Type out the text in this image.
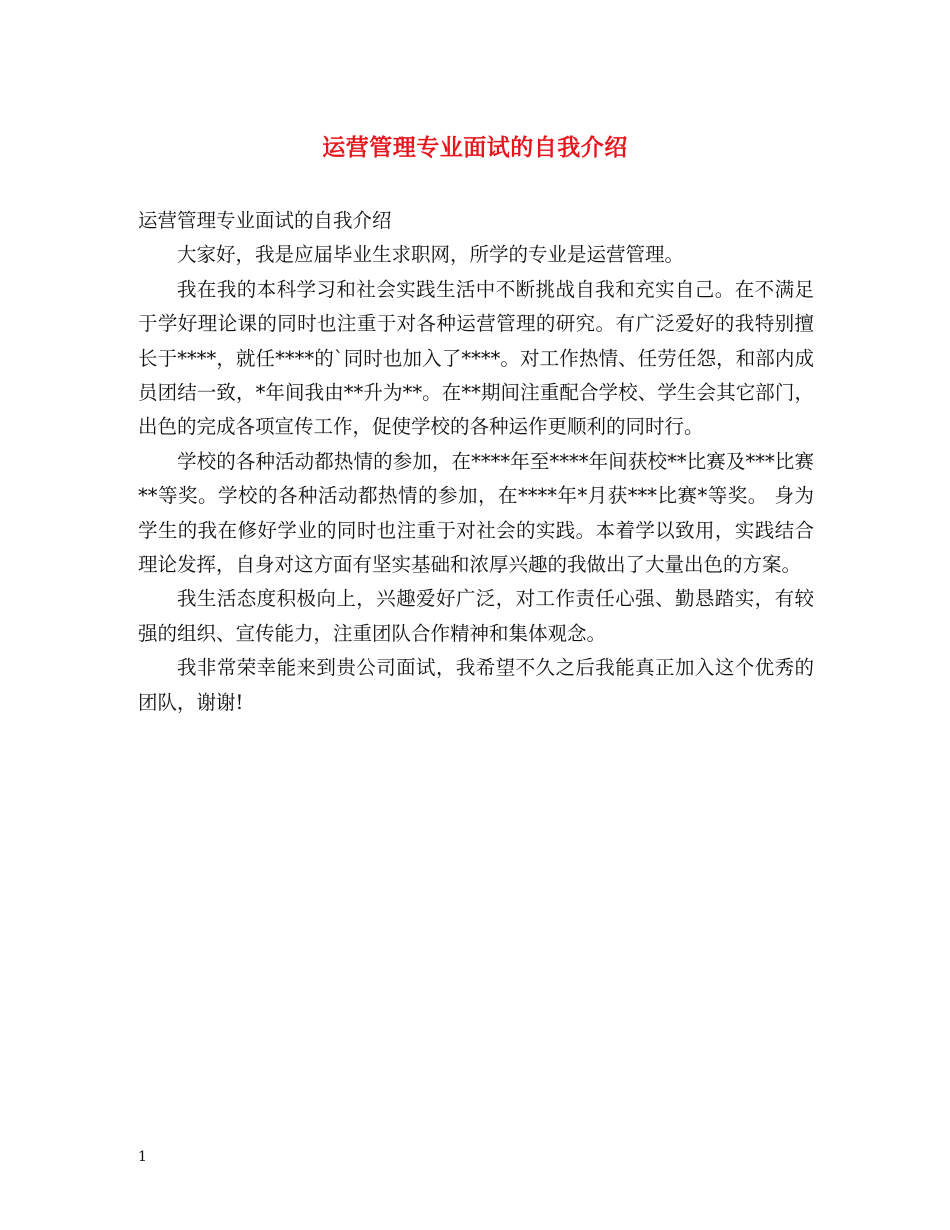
运营管理专业面试的自我介绍

运营管理专业面试的自我介绍

大家好，我是应届毕业生求职网，所学的专业是运营管理。

我在我的本科学习和社会实践生活中不断挑战自我和充实自己。在不满足于学好理论课的同时也注重于对各种运营管理的研究。有广泛爱好的我特别擅长于****，就任****的`同时也加入了****。对工作热情、任劳任怨，和部内成员团结一致，*年间我由**升为**。在**期间注重配合学校、学生会其它部门，出色的完成各项宣传工作，促使学校的各种运作更顺利的同时行。

学校的各种活动都热情的参加，在****年至****年间获校**比赛及***比赛**等奖。学校的各种活动都热情的参加，在****年*月获***比赛*等奖。 身为学生的我在修好学业的同时也注重于对社会的实践。本着学以致用，实践结合理论发挥，自身对这方面有坚实基础和浓厚兴趣的我做出了大量出色的方案。

我生活态度积极向上，兴趣爱好广泛，对工作责任心强、勤恳踏实，有较强的组织、宣传能力，注重团队合作精神和集体观念。

我非常荣幸能来到贵公司面试，我希望不久之后我能真正加入这个优秀的团队，谢谢!

1
